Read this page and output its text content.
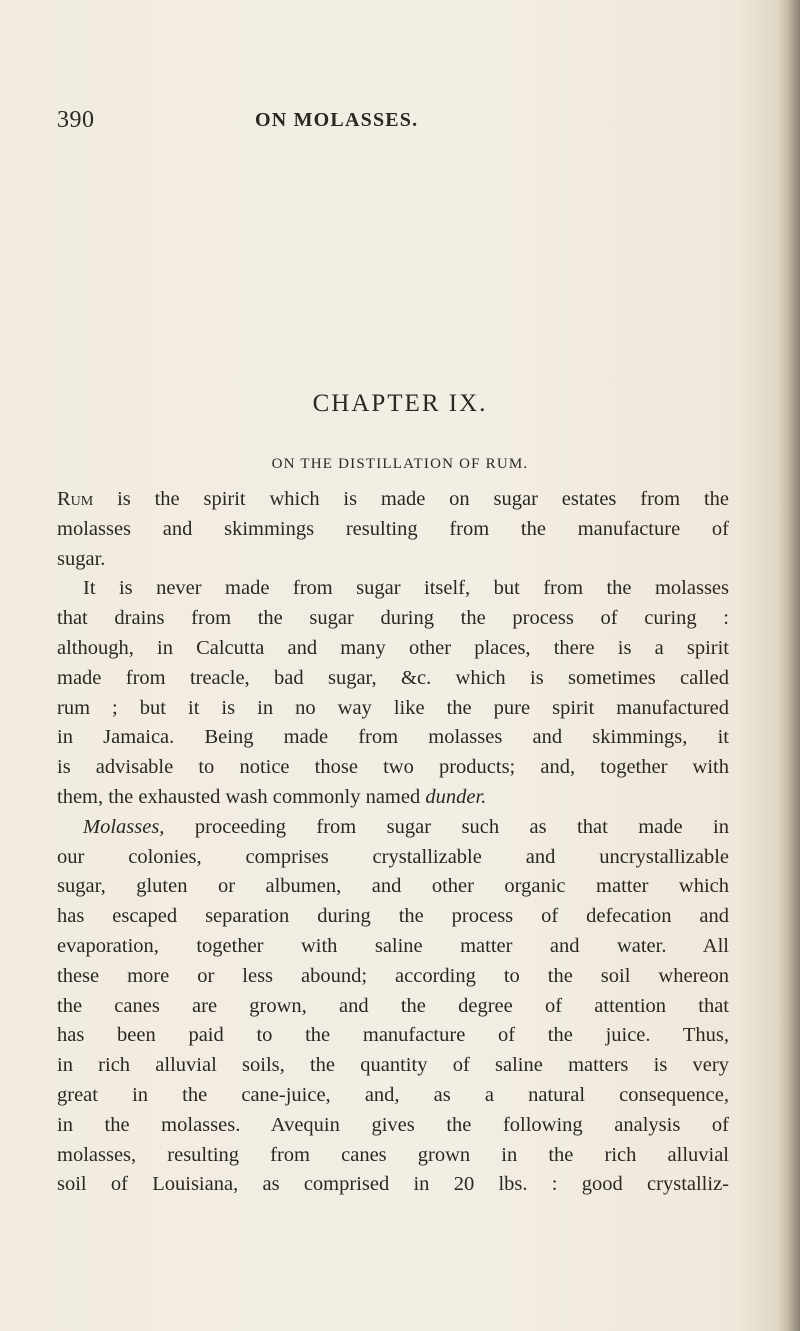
390	ON MOLASSES.
CHAPTER IX.
ON THE DISTILLATION OF RUM.
Rum is the spirit which is made on sugar estates from the
molasses and skimmings resulting from the manufacture of
sugar.
It is never made from sugar itself, but from the molasses
that drains from the sugar during the process of curing :
although, in Calcutta and many other places, there is a spirit
made from treacle, bad sugar, &c. which is sometimes called
rum ; but it is in no way like the pure spirit manufactured
in Jamaica. Being made from molasses and skimmings, it
is advisable to notice those two products; and, together with
them, the exhausted wash commonly named dunder.
Molasses, proceeding from sugar such as that made in
our colonies, comprises crystallizable and uncrystallizable
sugar, gluten or albumen, and other organic matter which
has escaped separation during the process of defecation and
evaporation, together with saline matter and water. All
these more or less abound; according to the soil whereon
the canes are grown, and the degree of attention that
has been paid to the manufacture of the juice. Thus,
in rich alluvial soils, the quantity of saline matters is very
great in the cane-juice, and, as a natural consequence,
in the molasses. Avequin gives the following analysis of
molasses, resulting from canes grown in the rich alluvial
soil of Louisiana, as comprised in 20 lbs. : good crystalliz-
